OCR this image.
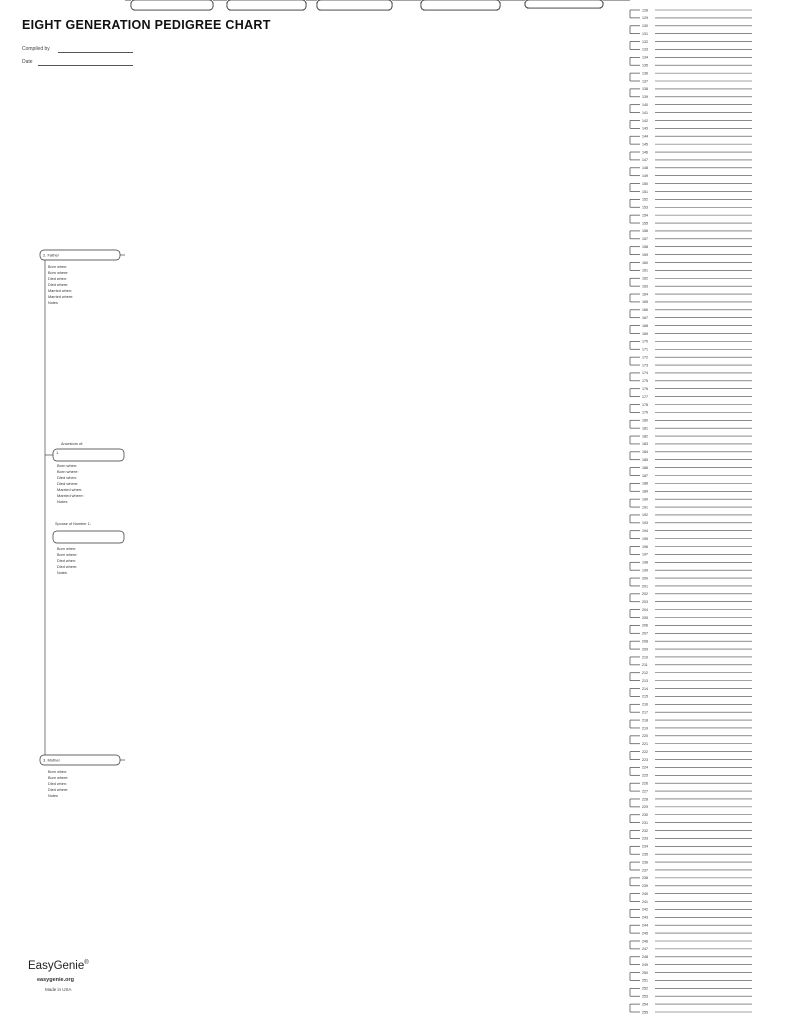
Ancestors of:
1.
Born when:
Born where:
Died when:
Died where:
Married when:
Married where:
Notes
2. Father
Born when:
Born where:
Died when:
Died where:
Married when:
Married where:
Notes
3. Mother
Born when:
Born where:
Died when:
Died where:
Notes
Spouse of Number 1:
Born when:
Born where:
Died when:
Died where:
Notes
128
129
130
131
132
133
134
135
136
137
138
139
140
141
142
143
144
145
146
147
148
149
150
151
152
153
154
155
156
157
158
159
160
161
162
163
164
165
166
167
168
169
170
171
172
173
174
175
176
177
178
179
180
181
182
183
184
185
186
187
188
189
190
191
192
193
194
195
196
197
198
199
200
201
202
203
204
205
206
207
208
209
210
211
212
213
214
215
216
217
218
219
220
221
222
223
224
225
226
227
228
229
230
231
232
233
234
235
236
237
238
239
240
241
242
243
244
245
246
247
248
249
250
251
252
253
254
255
EIGHT GENERATION PEDIGREE CHART
Compiled by
Date
EasyGenie®
easygenie.org
Made in USA
